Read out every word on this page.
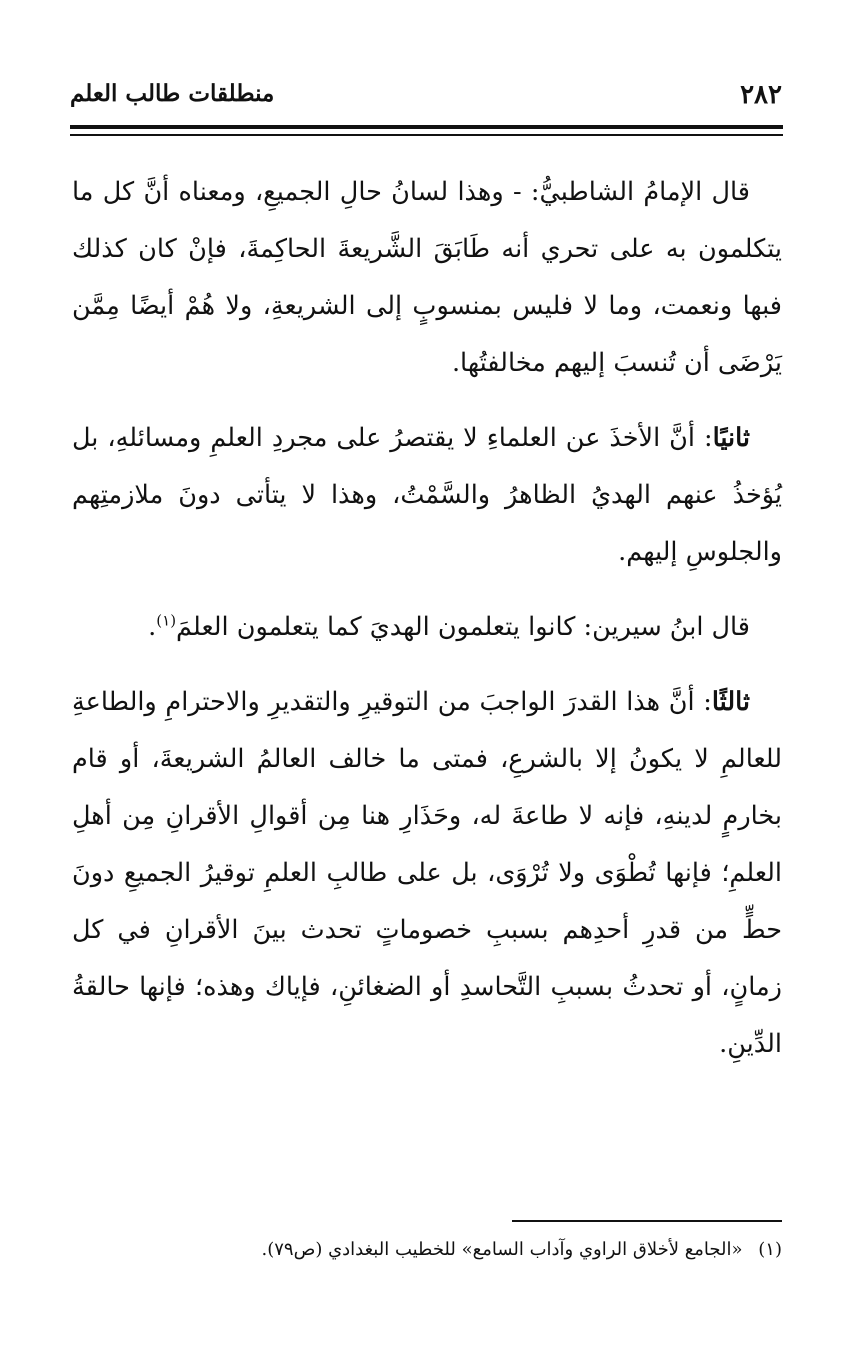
٢٨٢
منطلقات طالب العلم

قال الإمامُ الشاطبيُّ: - وهذا لسانُ حالِ الجميعِ، ومعناه أنَّ كل ما يتكلمون به على تحري أنه طَابَقَ الشَّريعةَ الحاكِمةَ، فإنْ كان كذلك فبها ونعمت، وما لا فليس بمنسوبٍ إلى الشريعةِ، ولا هُمْ أيضًا مِمَّن يَرْضَى أن تُنسبَ إليهم مخالفتُها.

ثانيًا: أنَّ الأخذَ عن العلماءِ لا يقتصرُ على مجردِ العلمِ ومسائلهِ، بل يُؤخذُ عنهم الهديُ الظاهرُ والسَّمْتُ، وهذا لا يتأتى دونَ ملازمتِهم والجلوسِ إليهم.

قال ابنُ سيرين: كانوا يتعلمون الهديَ كما يتعلمون العلمَ$^{(١)}$.

ثالثًا: أنَّ هذا القدرَ الواجبَ من التوقيرِ والتقديرِ والاحترامِ والطاعةِ للعالمِ لا يكونُ إلا بالشرعِ، فمتى ما خالف العالمُ الشريعةَ، أو قام بخارمٍ لدينهِ، فإنه لا طاعةَ له، وحَذَارِ هنا مِن أقوالِ الأقرانِ مِن أهلِ العلمِ؛ فإنها تُطْوَى ولا تُرْوَى، بل على طالبِ العلمِ توقيرُ الجميعِ دونَ حطٍّ من قدرِ أحدِهم بسببِ خصوماتٍ تحدث بينَ الأقرانِ في كل زمانٍ، أو تحدثُ بسببِ التَّحاسدِ أو الضغائنِ، فإياك وهذه؛ فإنها حالقةُ الدِّينِ.

(١) «الجامع لأخلاق الراوي وآداب السامع» للخطيب البغدادي (ص٧٩).
